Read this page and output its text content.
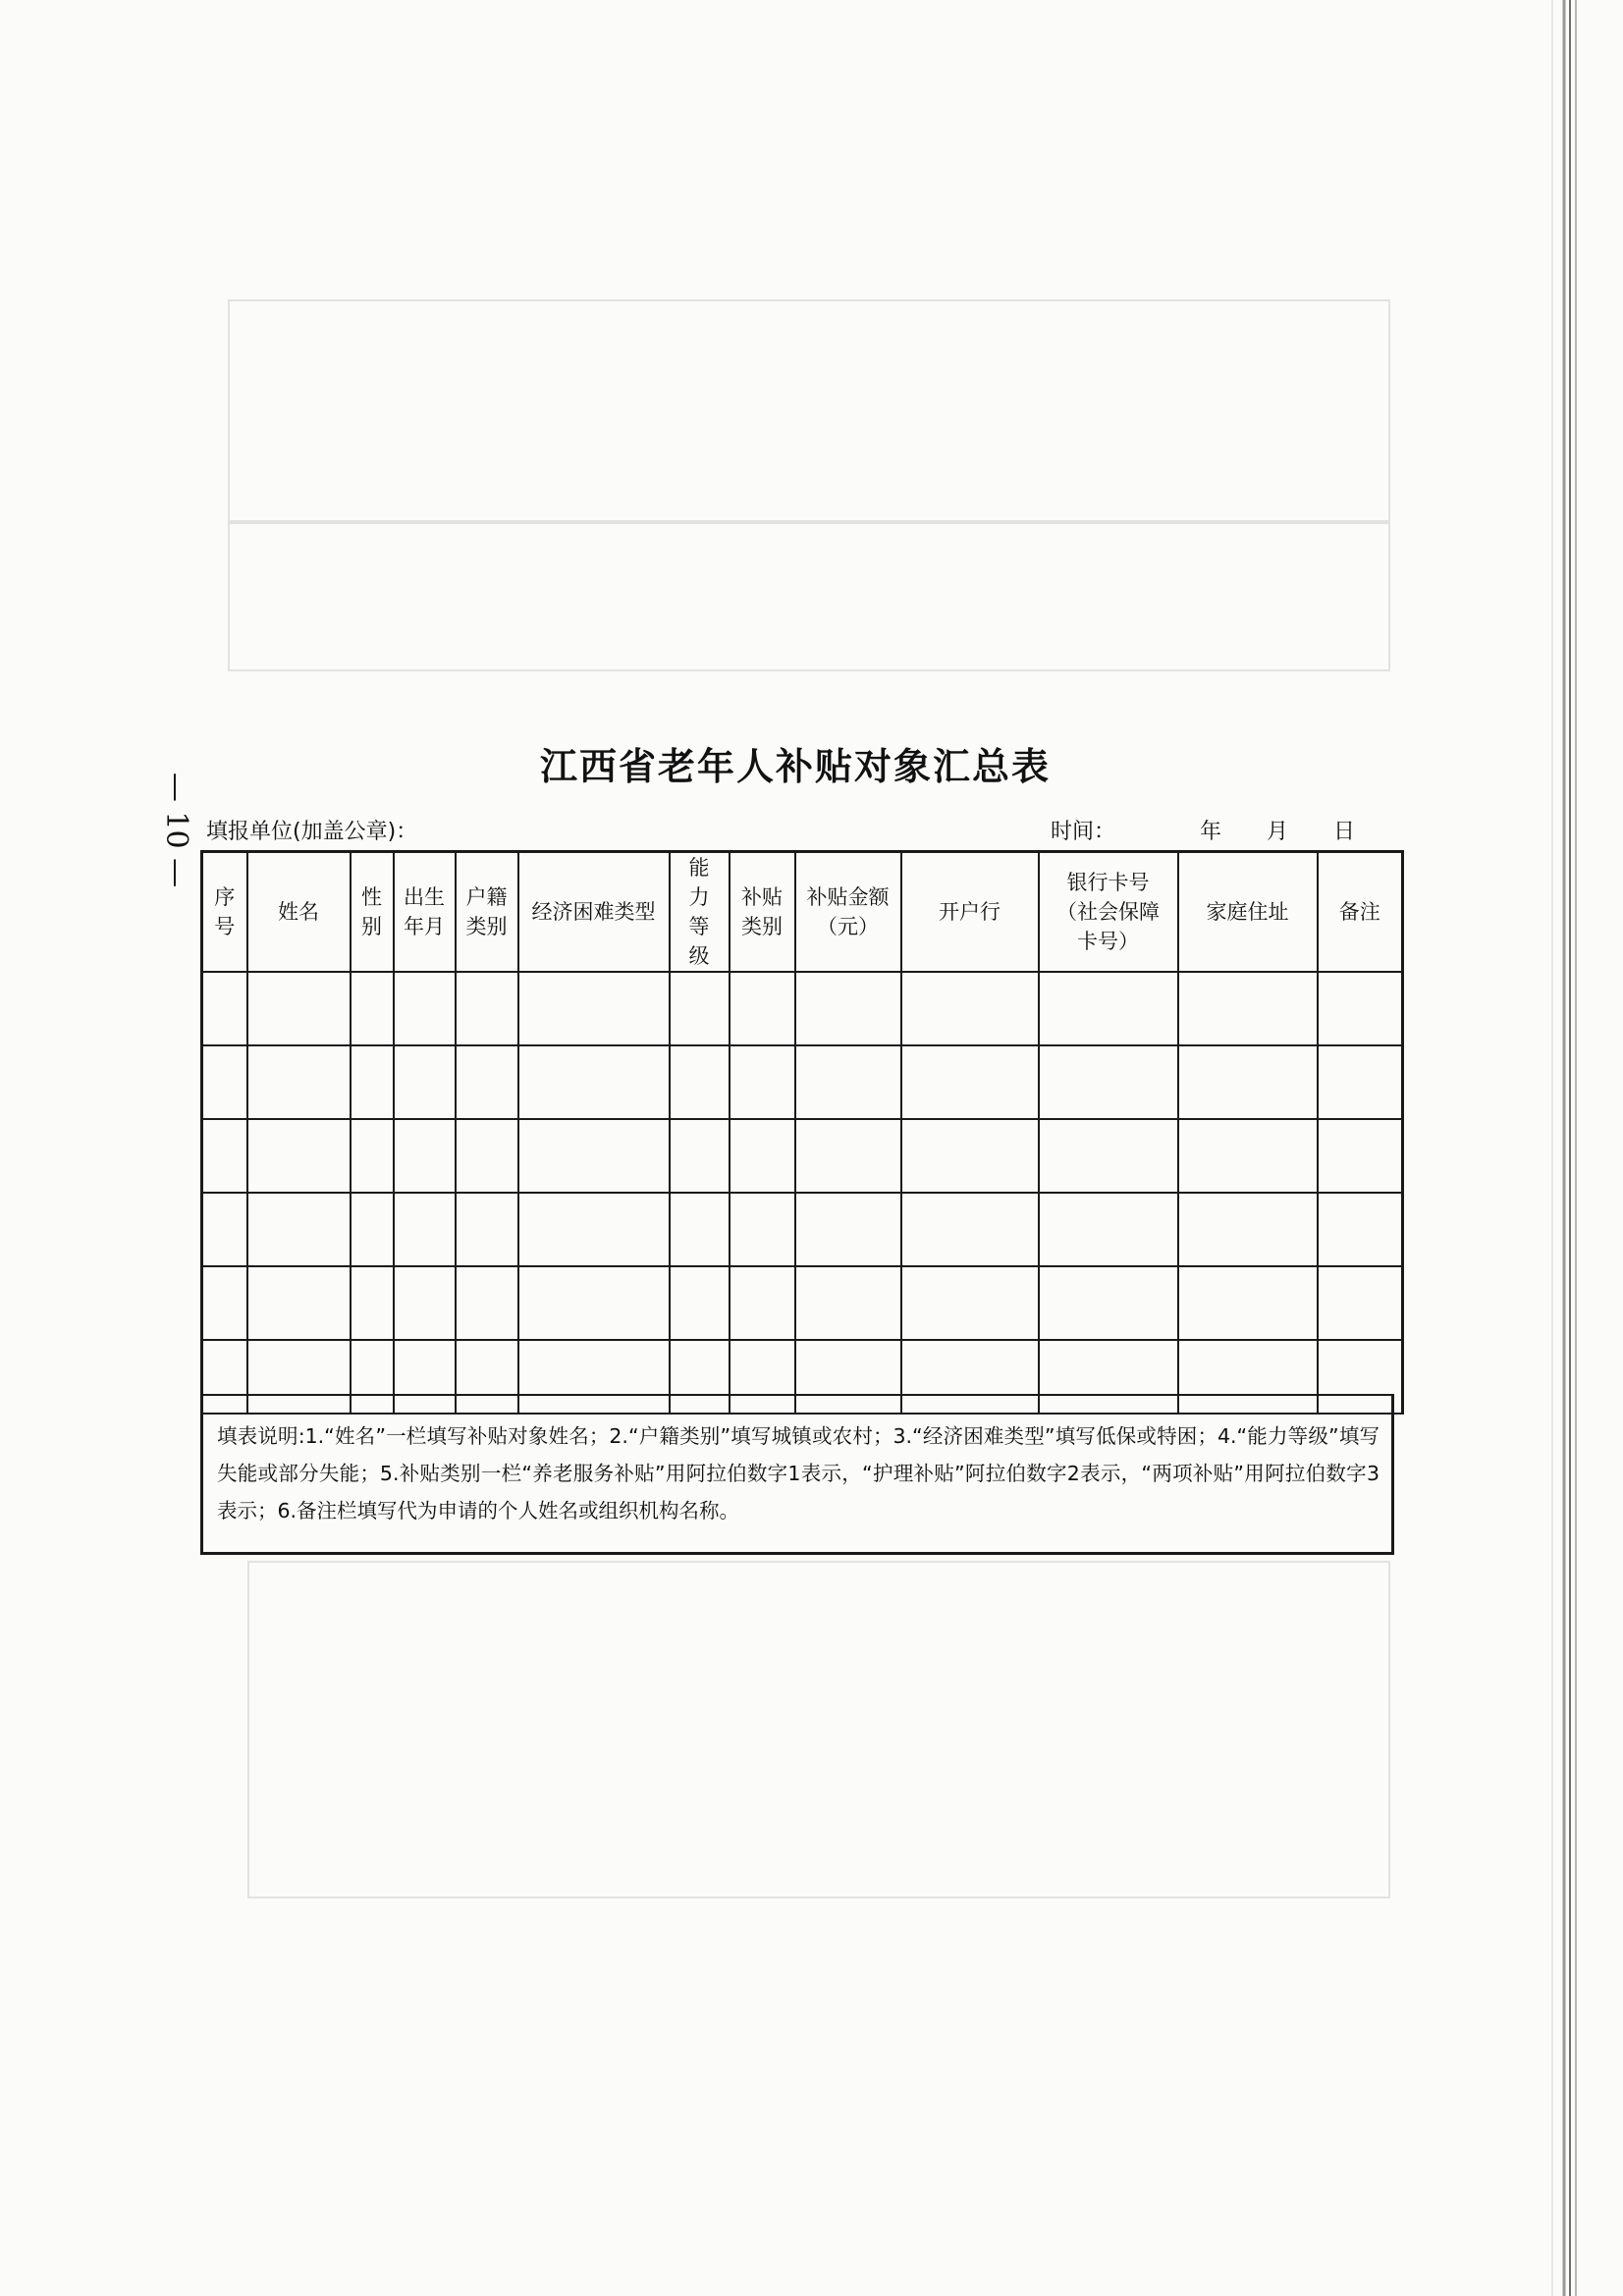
— 10 —
江西省老年人补贴对象汇总表
填报单位(加盖公章)：	时间：	年 月 日
序号	姓名	性别	出生年月	户籍类别	经济困难类型	能力等级	补贴类别	补贴金额（元）	开户行	银行卡号（社会保障卡号）	家庭住址	备注

填表说明:1.“姓名”一栏填写补贴对象姓名；2.“户籍类别”填写城镇或农村；3.“经济困难类型”填写低保或特困；4.“能力等级”填写失能或部分失能；5.补贴类别一栏“养老服务补贴”用阿拉伯数字1表示，“护理补贴”阿拉伯数字2表示，“两项补贴”用阿拉伯数字3表示；6.备注栏填写代为申请的个人姓名或组织机构名称。
